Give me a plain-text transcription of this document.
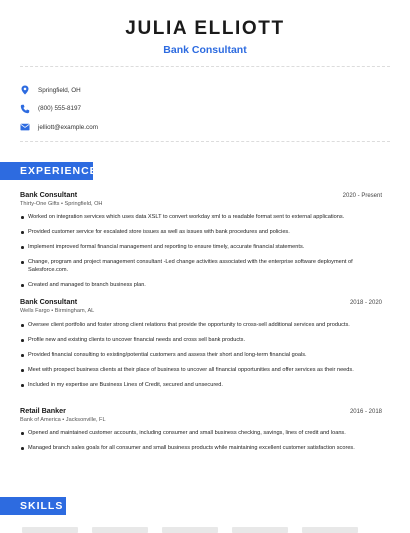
JULIA ELLIOTT
Bank Consultant
Springfield, OH
(800) 555-8197
jelliott@example.com
EXPERIENCE
Bank Consultant	2020 - Present
Thirty-One Gifts • Springfield, OH
Worked on integration services which uses data XSLT to convert workday xml to a readable format sent to external applications.
Provided customer service for escalated store issues as well as issues with bank procedures and policies.
Implement improved formal financial management and reporting to ensure timely, accurate financial statements.
Change, program and project management consultant -Led change activities associated with the enterprise software deployment of Salesforce.com.
Created and managed to branch business plan.
Bank Consultant	2018 - 2020
Wells Fargo • Birmingham, AL
Oversee client portfolio and foster strong client relations that provide the opportunity to cross-sell additional services and products.
Profile new and existing clients to uncover financial needs and cross sell bank products.
Provided financial consulting to existing/potential customers and assess their short and long-term financial goals.
Meet with prospect business clients at their place of business to uncover all financial opportunities and offer services as their needs.
Included in my expertise are Business Lines of Credit, secured and unsecured.
Retail Banker	2016 - 2018
Bank of America • Jacksonville, FL
Opened and maintained customer accounts, including consumer and small business checking, savings, lines of credit and loans.
Managed branch sales goals for all consumer and small business products while maintaining excellent customer satisfaction scores.
SKILLS
